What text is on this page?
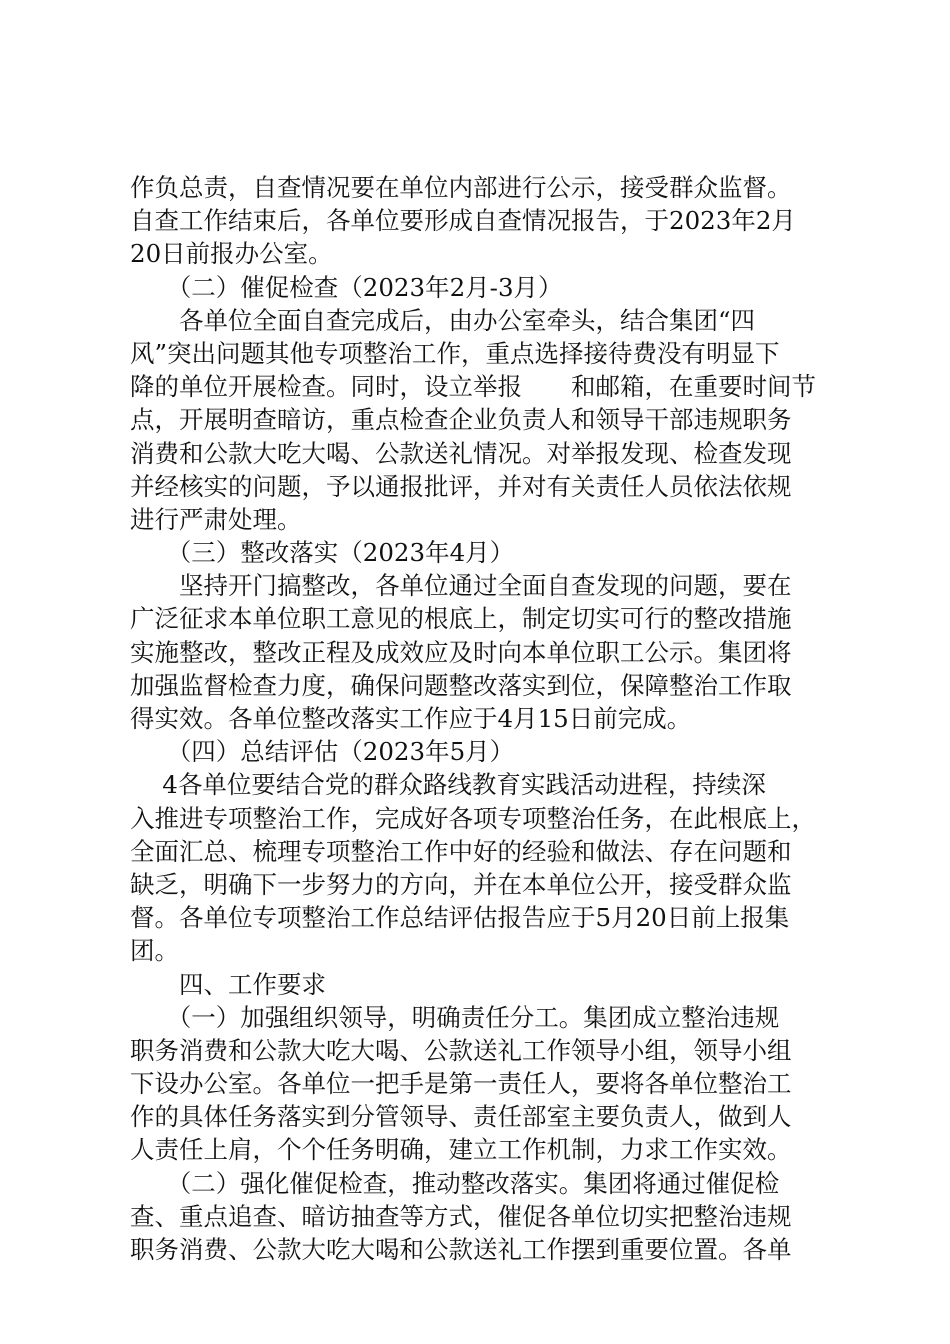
作负总责，自查情况要在单位内部进行公示，接受群众监督。
自查工作结束后，各单位要形成自查情况报告，于2023年2月
20日前报办公室。
　　（二）催促检查（2023年2月-3月）
　　各单位全面自查完成后，由办公室牵头，结合集团“四
风”突出问题其他专项整治工作，重点选择接待费没有明显下
降的单位开展检查。同时，设立举报　　和邮箱，在重要时间节
点，开展明查暗访，重点检查企业负责人和领导干部违规职务
消费和公款大吃大喝、公款送礼情况。对举报发现、检查发现
并经核实的问题，予以通报批评，并对有关责任人员依法依规
进行严肃处理。
　　（三）整改落实（2023年4月）
　　坚持开门搞整改，各单位通过全面自查发现的问题，要在
广泛征求本单位职工意见的根底上，制定切实可行的整改措施
实施整改，整改正程及成效应及时向本单位职工公示。集团将
加强监督检查力度，确保问题整改落实到位，保障整治工作取
得实效。各单位整改落实工作应于4月15日前完成。
　　（四）总结评估（2023年5月）
　 4各单位要结合党的群众路线教育实践活动进程，持续深
入推进专项整治工作，完成好各项专项整治任务，在此根底上，
全面汇总、梳理专项整治工作中好的经验和做法、存在问题和
缺乏，明确下一步努力的方向，并在本单位公开，接受群众监
督。各单位专项整治工作总结评估报告应于5月20日前上报集
团。
　　四、工作要求
　　（一）加强组织领导，明确责任分工。集团成立整治违规
职务消费和公款大吃大喝、公款送礼工作领导小组，领导小组
下设办公室。各单位一把手是第一责任人，要将各单位整治工
作的具体任务落实到分管领导、责任部室主要负责人，做到人
人责任上肩，个个任务明确，建立工作机制，力求工作实效。
　　（二）强化催促检查，推动整改落实。集团将通过催促检
查、重点追查、暗访抽查等方式，催促各单位切实把整治违规
职务消费、公款大吃大喝和公款送礼工作摆到重要位置。各单
